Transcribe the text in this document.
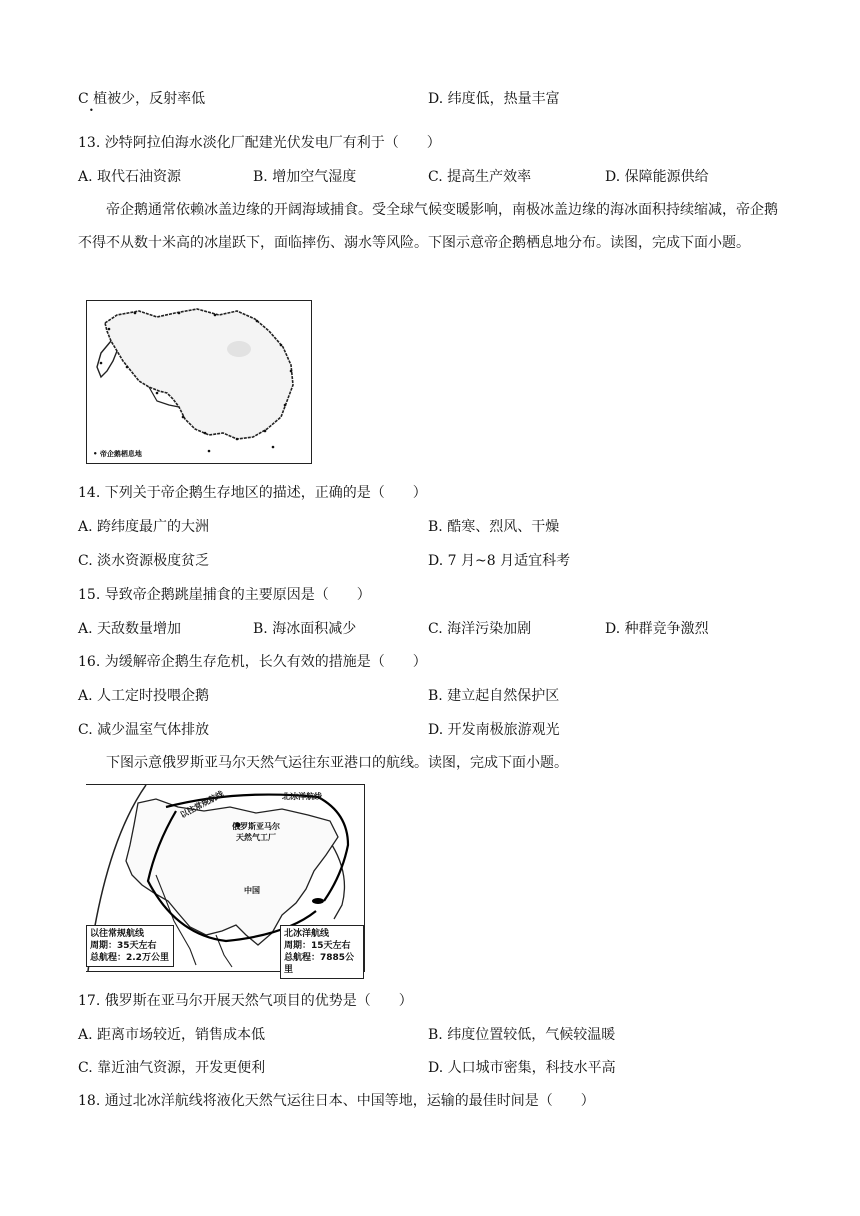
C 植被少，反射率低	D. 纬度低，热量丰富
•
13. 沙特阿拉伯海水淡化厂配建光伏发电厂有利于（　　）
A. 取代石油资源	B. 增加空气湿度	C. 提高生产效率	D. 保障能源供给
帝企鹅通常依赖冰盖边缘的开阔海域捕食。受全球气候变暖影响，南极冰盖边缘的海冰面积持续缩减，帝企鹅不得不从数十米高的冰崖跃下，面临摔伤、溺水等风险。下图示意帝企鹅栖息地分布。读图，完成下面小题。
• 帝企鹅栖息地
14. 下列关于帝企鹅生存地区的描述，正确的是（　　）
A. 跨纬度最广的大洲	B. 酷寒、烈风、干燥
C. 淡水资源极度贫乏	D. 7 月~8 月适宜科考
15. 导致帝企鹅跳崖捕食的主要原因是（　　）
A. 天敌数量增加	B. 海冰面积减少	C. 海洋污染加剧	D. 种群竞争激烈
16. 为缓解帝企鹅生存危机，长久有效的措施是（　　）
A. 人工定时投喂企鹅	B. 建立起自然保护区
C. 减少温室气体排放	D. 开发南极旅游观光
下图示意俄罗斯亚马尔天然气运往东亚港口的航线。读图，完成下面小题。
以往常规航线	北冰洋航线
俄罗斯亚马尔
天然气工厂
中国
以往常规航线
周期：35天左右
总航程：2.2万公里
北冰洋航线
周期：15天左右
总航程：7885公里
17. 俄罗斯在亚马尔开展天然气项目的优势是（　　）
A. 距离市场较近，销售成本低	B. 纬度位置较低，气候较温暖
C. 靠近油气资源，开发更便利	D. 人口城市密集，科技水平高
18. 通过北冰洋航线将液化天然气运往日本、中国等地，运输的最佳时间是（　　）
